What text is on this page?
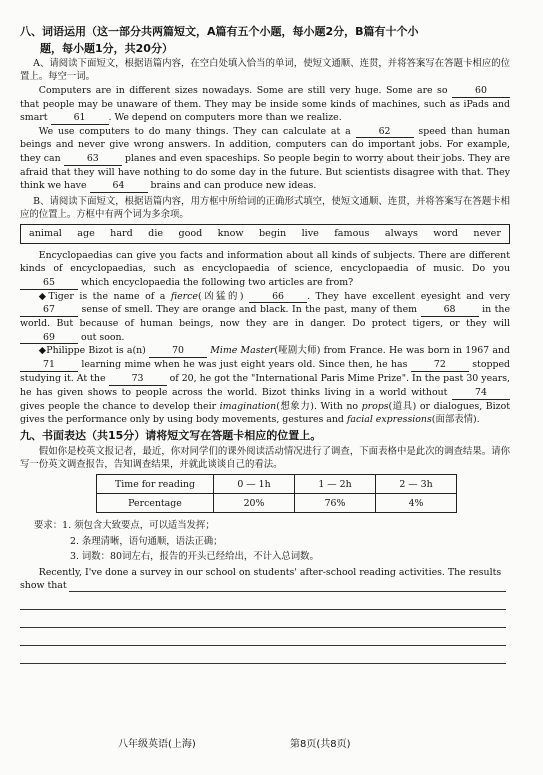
八、词语运用（这一部分共两篇短文，A篇有五个小题，每小题2分，B篇有十个小
题，每小题1分，共20分）

A、请阅读下面短文，根据语篇内容，在空白处填入恰当的单词，使短文通顺、连贯，并将答案写在答题卡相应的位置上。每空一词。

Computers are in different sizes nowadays. Some are still very huge. Some are so	60 that people may be unaware of them. They may be inside some kinds of machines, such as iPads and smart	61 . We depend on computers more than we realize.

We use computers to do many things. They can calculate at a	62	speed than human beings and never give wrong answers. In addition, computers can do important jobs. For example, they can	63	planes and even spaceships. So people begin to worry about their jobs. They are afraid that they will have nothing to do some day in the future. But scientists disagree with that. They think we have	64	brains and can produce new ideas.

B、请阅读下面短文，根据语篇内容，用方框中所给词的正确形式填空，使短文通顺、连贯，并将答案写在答题卡相应的位置上。方框中有两个词为多余项。

animal age hard die good know begin live famous always word never

Encyclopaedias can give you facts and information about all kinds of subjects. There are different kinds of encyclopaedias, such as encyclopaedia of science, encyclopaedia of music. Do you 65	which encyclopaedia the following two articles are from?

◆Tiger is the name of a fierce(凶猛的)	66 . They have excellent eyesight and very 67	sense of smell. They are orange and black. In the past, many of them	68	in the world. But because of human beings, now they are in danger. Do protect tigers, or they will 69	out soon.

◆Philippe Bizot is a(n)	70	Mime Master(哑剧大师) from France. He was born in 1967 and 71	learning mime when he was just eight years old. Since then, he has	72	stopped studying it. At the	73	of 20, he got the "International Paris Mime Prize". In the past 30 years, he has given shows to people across the world. Bizot thinks living in a world without	74 gives people the chance to develop their imagination(想象力). With no props(道具) or dialogues, Bizot gives the performance only by using body movements, gestures and facial expressions(面部表情).

九、书面表达（共15分）请将短文写在答题卡相应的位置上。

假如你是校英文报记者，最近，你对同学们的课外阅读活动情况进行了调查，下面表格中是此次的调查结果。请你写一份英文调查报告，告知调查结果，并就此谈谈自己的看法。

Time for reading	0 — 1h	1 — 2h	2 — 3h
Percentage	20%	76%	4%
要求：1. 须包含大致要点，可以适当发挥；
2. 条理清晰，语句通顺，语法正确；
3. 词数：80词左右，报告的开头已经给出，不计入总词数。

Recently, I've done a survey in our school on students' after-school reading activities. The results

show that
八年级英语(上海)	第8页(共8页)
